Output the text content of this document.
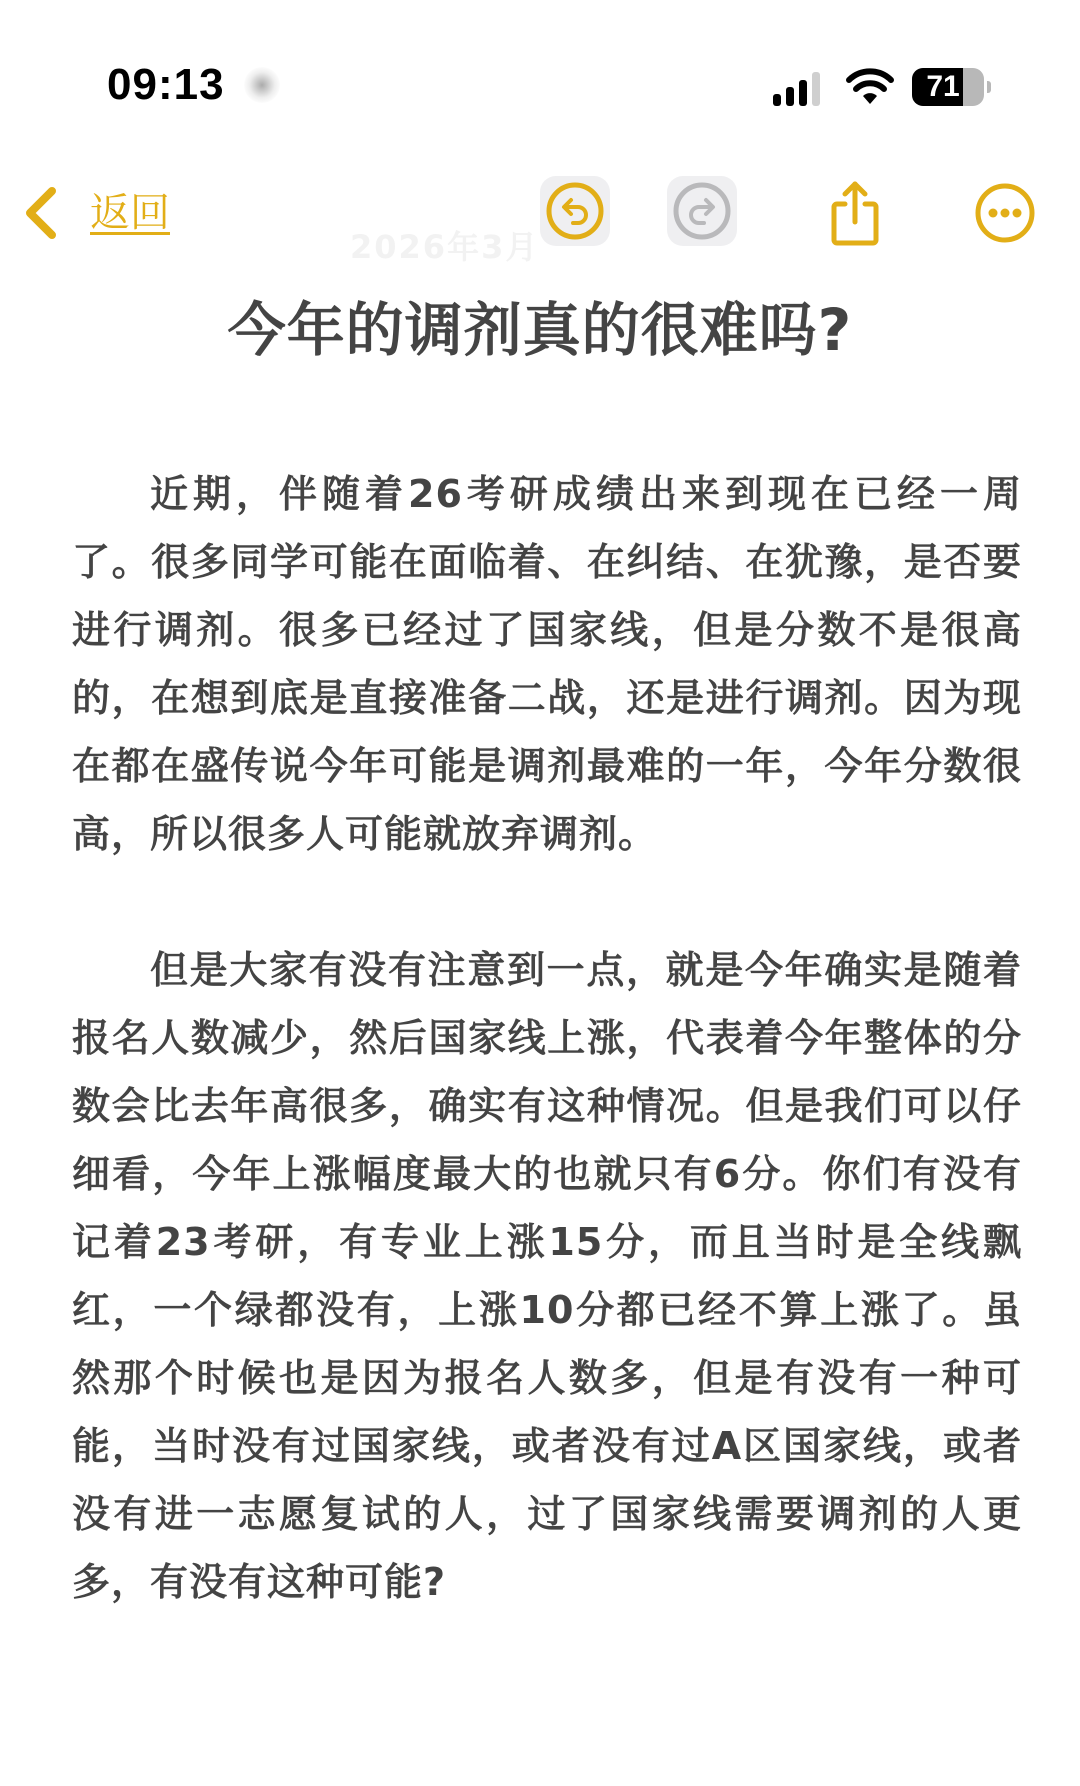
09:13	71
返回
2026年3月
今年的调剂真的很难吗?

近期，伴随着26考研成绩出来到现在已经一周了。很多同学可能在面临着、在纠结、在犹豫，是否要进行调剂。很多已经过了国家线，但是分数不是很高的，在想到底是直接准备二战，还是进行调剂。因为现在都在盛传说今年可能是调剂最难的一年，今年分数很高，所以很多人可能就放弃调剂。

但是大家有没有注意到一点，就是今年确实是随着报名人数减少，然后国家线上涨，代表着今年整体的分数会比去年高很多，确实有这种情况。但是我们可以仔细看，今年上涨幅度最大的也就只有6分。你们有没有记着23考研，有专业上涨15分，而且当时是全线飘红，一个绿都没有，上涨10分都已经不算上涨了。虽然那个时候也是因为报名人数多，但是有没有一种可能，当时没有过国家线，或者没有过A区国家线，或者没有进一志愿复试的人，过了国家线需要调剂的人更多，有没有这种可能?
